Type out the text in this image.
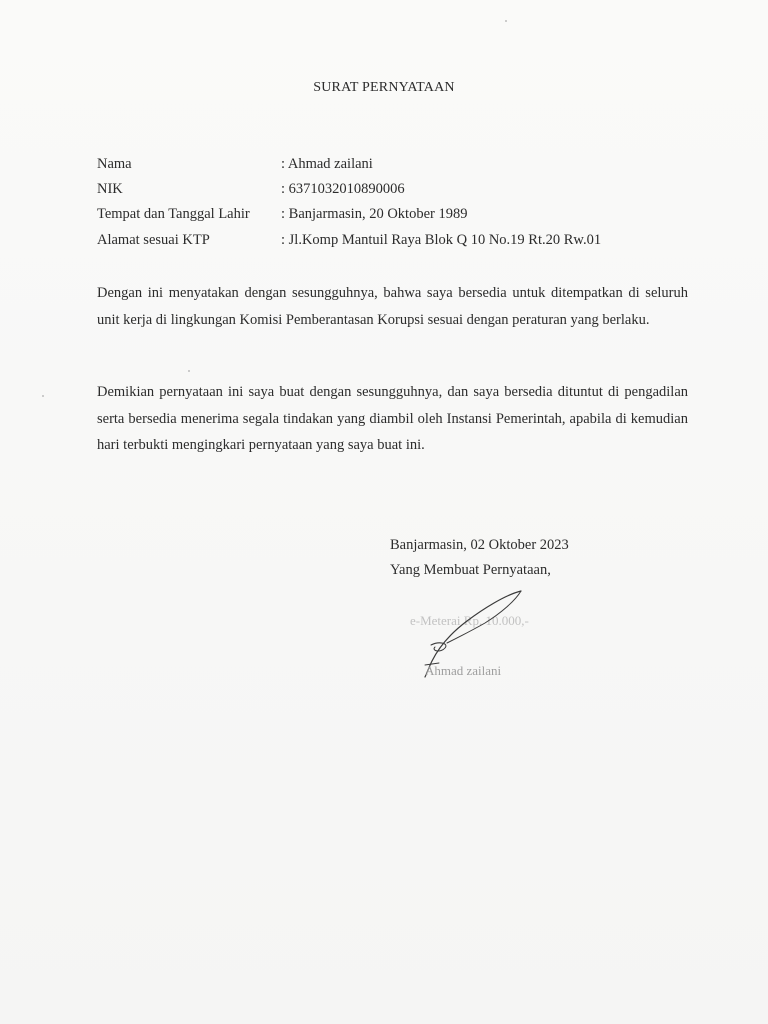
SURAT PERNYATAAN
Nama	: Ahmad zailani
NIK	: 6371032010890006
Tempat dan Tanggal Lahir : Banjarmasin, 20 Oktober 1989
Alamat sesuai KTP	: Jl.Komp Mantuil Raya Blok Q 10 No.19 Rt.20 Rw.01
Dengan ini menyatakan dengan sesungguhnya, bahwa saya bersedia untuk ditempatkan di seluruh unit kerja di lingkungan Komisi Pemberantasan Korupsi sesuai dengan peraturan yang berlaku.
Demikian pernyataan ini saya buat dengan sesungguhnya, dan saya bersedia dituntut di pengadilan serta bersedia menerima segala tindakan yang diambil oleh Instansi Pemerintah, apabila di kemudian hari terbukti mengingkari pernyataan yang saya buat ini.
Banjarmasin, 02 Oktober 2023
Yang Membuat Pernyataan,
e-Meterai Rp. 10.000,-
Ahmad zailani
